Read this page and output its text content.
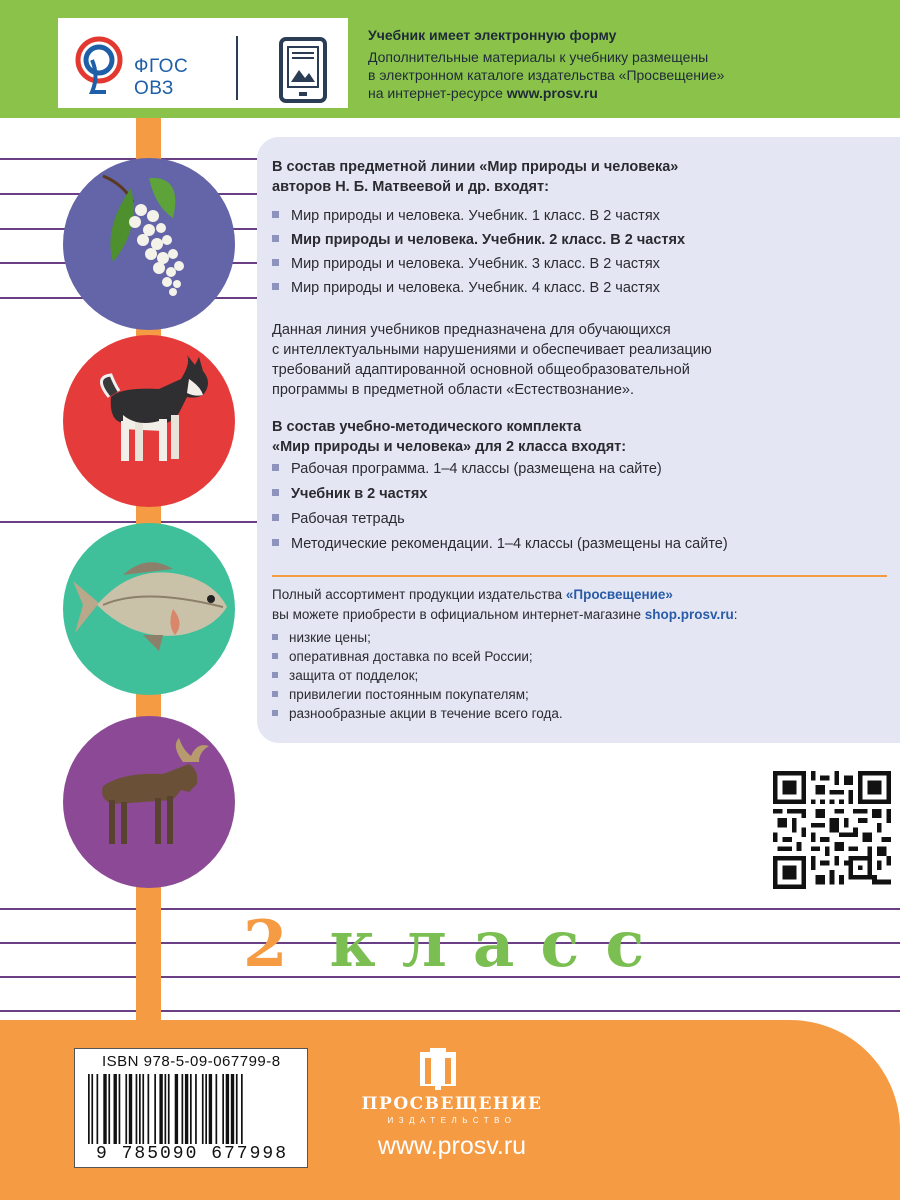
ФГОС
ОВЗ
Учебник имеет электронную форму
Дополнительные материалы к учебнику размещены
в электронном каталоге издательства «Просвещение»
на интернет-ресурсе www.prosv.ru
В состав предметной линии «Мир природы и человека»
авторов Н. Б. Матвеевой и др. входят:
Мир природы и человека. Учебник. 1 класс. В 2 частях
Мир природы и человека. Учебник. 2 класс. В 2 частях
Мир природы и человека. Учебник. 3 класс. В 2 частях
Мир природы и человека. Учебник. 4 класс. В 2 частях
Данная линия учебников предназначена для обучающихся
с интеллектуальными нарушениями и обеспечивает реализацию
требований адаптированной основной общеобразовательной
программы в предметной области «Естествознание».
В состав учебно-методического комплекта
«Мир природы и человека» для 2 класса входят:
Рабочая программа. 1–4 классы (размещена на сайте)
Учебник в 2 частях
Рабочая тетрадь
Методические рекомендации. 1–4 классы (размещены на сайте)
Полный ассортимент продукции издательства «Просвещение»
вы можете приобрести в официальном интернет-магазине shop.prosv.ru:
низкие цены;
оперативная доставка по всей России;
защита от подделок;
привилегии постоянным покупателям;
разнообразные акции в течение всего года.
2 класс
ISBN 978-5-09-067799-8
9 785090 677998
ПРОСВЕЩЕНИЕ
ИЗДАТЕЛЬСТВО
www.prosv.ru
